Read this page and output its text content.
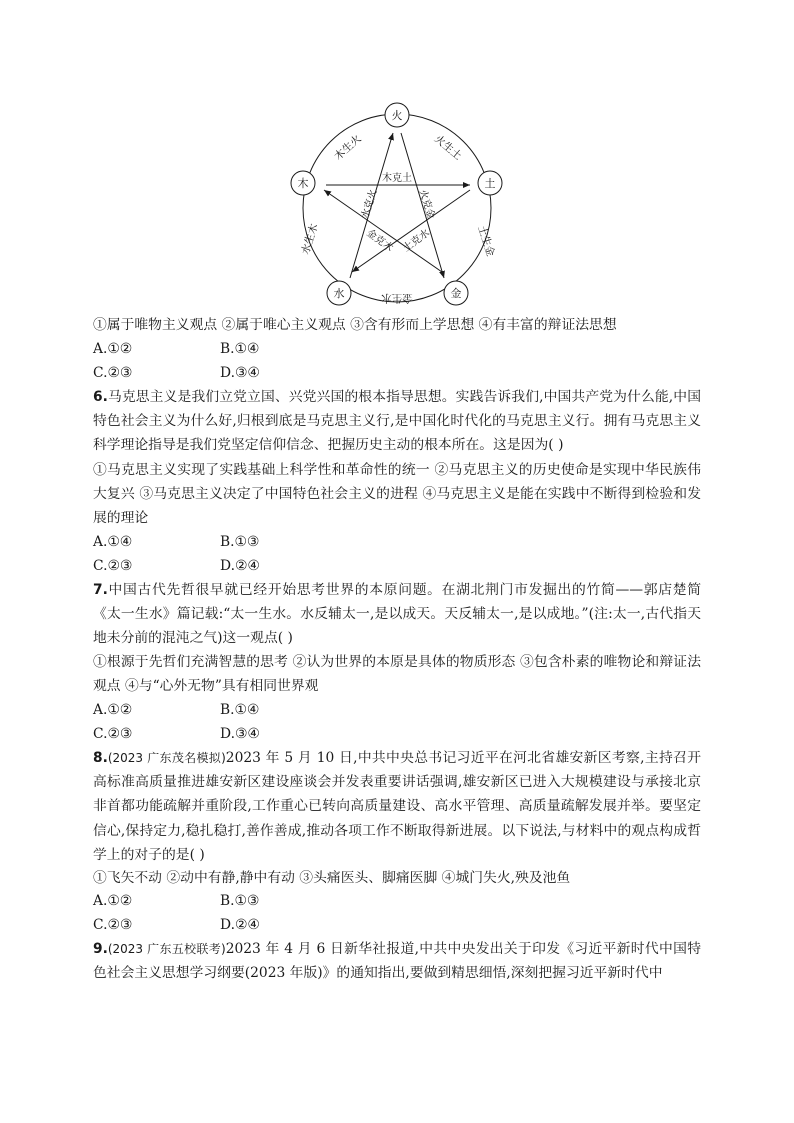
火
土
金
水
木
木生火	火生土
土生金
金生水
水生木
木克土
水克火	火克金
金克木 土克水
①属于唯物主义观点 ②属于唯心主义观点 ③含有形而上学思想 ④有丰富的辩证法思想
A.①②	B.①④
C.②③	D.③④
6.马克思主义是我们立党立国、兴党兴国的根本指导思想。实践告诉我们,中国共产党为什么能,中国特色社会主义为什么好,归根到底是马克思主义行,是中国化时代化的马克思主义行。拥有马克思主义科学理论指导是我们党坚定信仰信念、把握历史主动的根本所在。这是因为( )
①马克思主义实现了实践基础上科学性和革命性的统一 ②马克思主义的历史使命是实现中华民族伟大复兴 ③马克思主义决定了中国特色社会主义的进程 ④马克思主义是能在实践中不断得到检验和发展的理论
A.①④	B.①③
C.②③	D.②④
7.中国古代先哲很早就已经开始思考世界的本原问题。在湖北荆门市发掘出的竹简——郭店楚简《太一生水》篇记载:“太一生水。水反辅太一,是以成天。天反辅太一,是以成地。”(注:太一,古代指天地未分前的混沌之气)这一观点( )
①根源于先哲们充满智慧的思考 ②认为世界的本原是具体的物质形态 ③包含朴素的唯物论和辩证法观点 ④与“心外无物”具有相同世界观
A.①②	B.①④
C.②③	D.③④
8.(2023 广东茂名模拟)2023 年 5 月 10 日,中共中央总书记习近平在河北省雄安新区考察,主持召开高标准高质量推进雄安新区建设座谈会并发表重要讲话强调,雄安新区已进入大规模建设与承接北京非首都功能疏解并重阶段,工作重心已转向高质量建设、高水平管理、高质量疏解发展并举。要坚定信心,保持定力,稳扎稳打,善作善成,推动各项工作不断取得新进展。以下说法,与材料中的观点构成哲学上的对子的是( )
①飞矢不动 ②动中有静,静中有动 ③头痛医头、脚痛医脚 ④城门失火,殃及池鱼
A.①②	B.①③
C.②③	D.②④
9.(2023 广东五校联考)2023 年 4 月 6 日新华社报道,中共中央发出关于印发《习近平新时代中国特色社会主义思想学习纲要(2023 年版)》的通知指出,要做到精思细悟,深刻把握习近平新时代中
